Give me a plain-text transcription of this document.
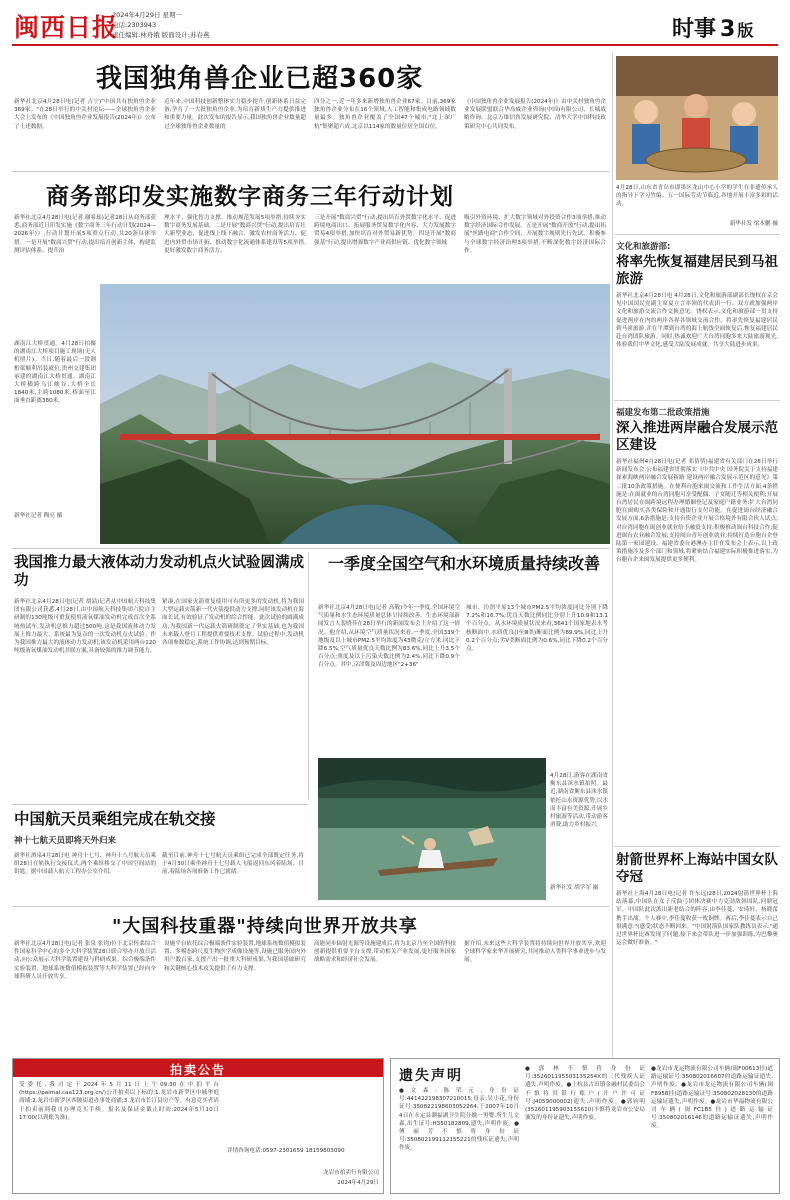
闽西日报
2024年4月29日 星期一
电话:2303943
责任编辑:林舟娥 版面设计:苏春燕	时事 3 版
我国独角兽企业已超360家
新华社北京4月28日电(记者 吉宁)"中国共有独角兽企业369家。"在28日举行的中关村论坛——全球独角兽企业大会上发布的《中国独角兽企业发展报告(2024年)》公布了上述数据。
近年来,中国科技创新整体实力稳步提升,创新体系日益完备,孕育了一大批独角兽企业,为培育新质生产力提供推进和重要力量。此次发布的报告显示,我国独角兽企业数量超过全球独角兽企业数量的
四分之一,近一年多来新增独角兽企业67家。目前,369家独角兽企业分布在16个领域,人工智能和集成电路领域数量最多。独角兽企业覆盖了全国47个城市,"北上深广杭"集聚超六成,北京以114家的数量位居全国首位。
《中国独角兽企业发展报告(2024年)》由中关村独角兽企业发展联盟联合华岛威企业咨询(中国)有限公司、长城战略咨询、北京万维信咨发展研究院、清华大学中国科技政策研究中心共同发布。
商务部印发实施数字商务三年行动计划
新华社北京4月28日电(记者 谢希瑶)记者28日从商务部获悉,商务部近日印发实施《数字商务三年行动计划(2024—2026年)》,行动计划开展5项重点行动,共20条具体举措。一是开展"数商兴贸"行动,提出培育创新主体、构建监测评估体系、提升治
理水平、强化智力支撑、推动规范发展5项举措,持续夯实数字商务发展基础。二是开展"数商兴贸"行动,提出培育壮大新型业态、促进线上线下融合、激发农村商务活力、促进内外贸市场开拓、推动数字化流通体系建设等5项举措,更好激发数字商务活力。
三是开展"数商兴贸"行动,提出培育外贸数字化水平、促进跨境电商出口、拓展服务贸易数字化内容、大力发展数字贸易4项举措,加快培育对外贸易新优势。四是开展"数商强基"行动,提出增强数字产业商供应链、优化数字领域
吸引外资环境、扩大数字领域对外投资合作3项举措,推动数字经济国际合作发展。五是开展"数商开放"行动,提出拓展"丝路电商"合作空间、开展数字规则先行先试、积极参与全球数字经济治理3项举措,不断深化数字经济国际合作。
湖南江大桥贯通。4月28日拍摄的湖南江大桥项目施工现场(无人机照片)。当日,随着最后一段钢桁梁顺利吊装就位,贵州交建集团承建的湖南江大桥贯通。湖南江大桥横跨乌江峡谷,大桥全长1840米,主跨1080米,桥面至江面垂直距离380米。
新华社记者 陶亮 摄
4月28日,山东省青岛市即墨区龙山中心小学的学生在非遗传承人的指导下学习竹编。五一国际劳动节临近,各地开展丰富多彩的活动。
新华社发 梁本鹏 摄
文化和旅游部:
将率先恢复福建居民到马祖旅游
新华社北京4月28日电 4月28日,文化和旅游部副部长饶权在京会见中国国民党副主席夏立言率领的代表团一行。双方就加强两岸文化和旅游交流合作交换意见。饶权表示,文化和旅游部一贯支持促进两岸在内的两岸各界各领域交流合作。将率先恢复福建居民到马祖旅游,并在平潭到台湾的海上航线全面恢复后,恢复福建居民赴台湾团队旅游。同时,热诚欢迎广大台湾同胞多来大陆旅游观光,体验我们中华文化,感受大陆发展成就。共享大陆进步成果。
福建发布第二批政策措施
深入推进两岸融合发展示范区建设
新华社福州4月28日电(记者 邓倩倩)福建省有关部门在28日举行新闻发布会,公布福建省贯彻落实《中共中央 国务院关于支持福建探索海峡两岸融合发展新路 建设两岸融合发展示范区的意见》第二批10条政策措施。在便利台胞来闽交流和工作生活方面,4条措施是:在闽就业的台湾同胞可享受配偶、子女随迁等相关便利;开展台湾居民在闽跨境远程办理婚姻登记及家庭户籍业务;扩大台湾同胞在闽购买各类保险和开通银行支付功能。在促进闽台经济融合发展方面,6条措施是:支持台资企业开展合格境外有限合伙人试点;对台湾同胞在闽创业就业给予融资支持;积极推动闽台科技合作;促进闽台农业融合发展;支持闽台青年创业就业;持续打造台胞台企登陆第一家园建设。福建省委台港澳办主任在发布会上表示,以上政策措施涉及多个部门和领域,将紧密结合福建实际积极推进落实,为台胞台企来闽发展提供更多便利。
射箭世界杯上海站中国女队夺冠
新华社上海4月28日电(记者 许东远)28日,2024射箭世界杯上海站落幕,中国队在女子反曲弓团体决赛中力克劲敌韩国队,问鼎冠军。中国队此次派出新老结合的阵容,由李佳蔓、安琦轩、杨晓蕾携手出战。个人赛中,李佳蔓收获一枚铜牌。赛后,李佳蔓表示自己很满意:"(感受)状态不断回来。"中国射箭队国家队教练员表示:"通过世界杯比赛发现了问题,接下来会带队进一步加强训练,为巴黎奥运会做好准备。"
我国推力最大液体动力发动机点火试验圆满成功
新华社北京4月28日电(记者 胡喆)记者从中国航天科技集团有限公司获悉,4月28日,由中国航天科技集团六院自主研制的130吨级可重复使用液氧煤油发动机完成首次全系统热试车,发动机总推力超过500吨,这是我国液体动力发展上推力最大、系统最为复杂的一次发动机点火试验。作为我国推力最大的液体动力发动机,该发动机采用两台120吨级液氧煤油发动机并联方案,具备较强的推力调节能力。
紧凑,在国家火箭重复使用可有所更多的发动机,将为我国大型运载火箭新一代火箭提供动力支撑,同时该发动机在海面长试,有效验证了发动机的综合性能。此次试验的圆满成功,为我国新一代运载火箭研制奠定了坚实基础,也为我国未来载人登月工程提供重要技术支撑。试验过程中,发动机各项参数稳定,系统工作协调,达到预期目标。
一季度全国空气和水环境质量持续改善
新华社北京4月28日电(记者 高敬)今年一季度,全国环境空气质量和水生态环境质量总体呈持续改善。生态环境部新闻发言人裴晓菲在28日举行的新闻发布会上介绍了这一情况。他介绍,从环境空气质量状况来看,一季度,全国339个地级及以上城市PM2.5平均浓度为43微克/立方米,同比下降6.5%;空气质量优良天数比例为83.6%,同比上升3.5个百分点;重度及以上污染天数比例为2.4%,同比下降0.9个百分点。其中,京津冀及周边地区"2+36"
城市、汾渭平原13个城市PM2.5平均浓度同比分别下降7.2%和16.7%;优良天数比例同比分别上升10.9和13.1个百分点。从水环境质量状况来看,3641个国家地表水考核断面中,水质优良(Ⅰ至Ⅲ类)断面比例为89.9%,同比上升0.2个百分点;劣Ⅴ类断面比例为0.6%,同比下降0.2个百分点。
4月28日,游客在湖南省衡东县洣水镇拍照。最近,湖南省衡东县洣水镇依托山水资源优势,以水而丰富有美资源,开展乡村旅游等活动,带动游客消费,助力乡村振兴。
新华社发 胡学军 摄
中国航天员乘组完成在轨交接
神十七航天员即将天外归来
新华社酒泉4月28日电 神舟十七号、神舟十八号航天员乘组28日在轨执行交接仪式,两个乘组移交了中国空间站的钥匙。据中国载人航天工程办公室介绍,
截至目前,神舟十七号航天员乘组已完成全部既定任务,将于4月30日乘坐神舟十七号载人飞船返回东风着陆场。目前,着陆场各项准备工作已就绪。
"大国科技重器"持续向世界开放共享
新华社北京4月28日电(记者 张泉 张钧)位于北京怀柔综合性国家科学中心的多个大科学装置28日联合举办开放日活动,向公众展示大科学装置建设与科研成果。综合极端条件实验装置、地球系统数值模拟装置等大科学装置已经向全球科研人员开放共享。
设施平台依托综合极端条件实验装置,地球系统数值模拟装置、多模态跨尺度生物医学成像设施等,设施已服务国内外用户数百家,支撑产出一批重大科研成果,为我国基础研究和关键核心技术攻关提供了有力支撑。
高能同步辐射光源等设施建成后,将为北京乃至全国的科技创新提供重要平台支撑,带动相关产业发展,更好服务国家战略需求和经济社会发展。
据介绍,未来这些大科学装置将持续向世界开放共享,欢迎全球科学家来华开展研究,共同推动人类科学事业进步与发展。
拍卖公告
受委托,我司定于2024年5月11日上午09:30在中拍平台(https://paimai.caa123.org.cn/)公开拍卖以下标的:1.龙岩市新罗区中城华庭商铺;2.龙岩市新罗区西陂街道办事处商铺;3.龙岩市长汀县房产等。有意竞买者请于拍卖前到我司办理竞买手续。报名及保证金截止时间:2024年5月10日17:00(以到账为准)。
详情咨询电话:0597-2301659 18159803090
龙岩市拍卖行有限公司
2024年4月29日
遗失声明
●文森:陈荣元,身份证号:441422198307210015;母亲:吴小花,身份证号:350822198603052264,于2007年10月4日在永定县潮福湖卫生院分娩一男婴,所生儿文森,出生证号:H350182809,遗失,声明作废。●傅丽芳不慎将身份证号:350802199112155221的残疾证遗失,声明作废。
●郭林不慎将身份证号:352601195503135254X的三代残疾人证遗失,声明作废。●上杭县古田镇金融村民委员会不慎将其银行账户(开户许可证号:J4059000002)遗失,声明作废。●郭钧明(352601195903155610)不慎将龙岩市公安局颁发的身份证遗失,声明作废。
●龙岩市龙运物流有限公司车辆(闽F00613挂)道路运输证号:350802016607的道路运输证遗失,声明作废。●龙岩市龙运物流有限公司车辆(闽F8958挂)道路运输证号:350802028130的道路运输证遗失,声明作废。●龙岩市华福物流有限公司车辆(闽FC1B5挂)道路运输证号:350802016146的道路运输证遗失,声明作废。
